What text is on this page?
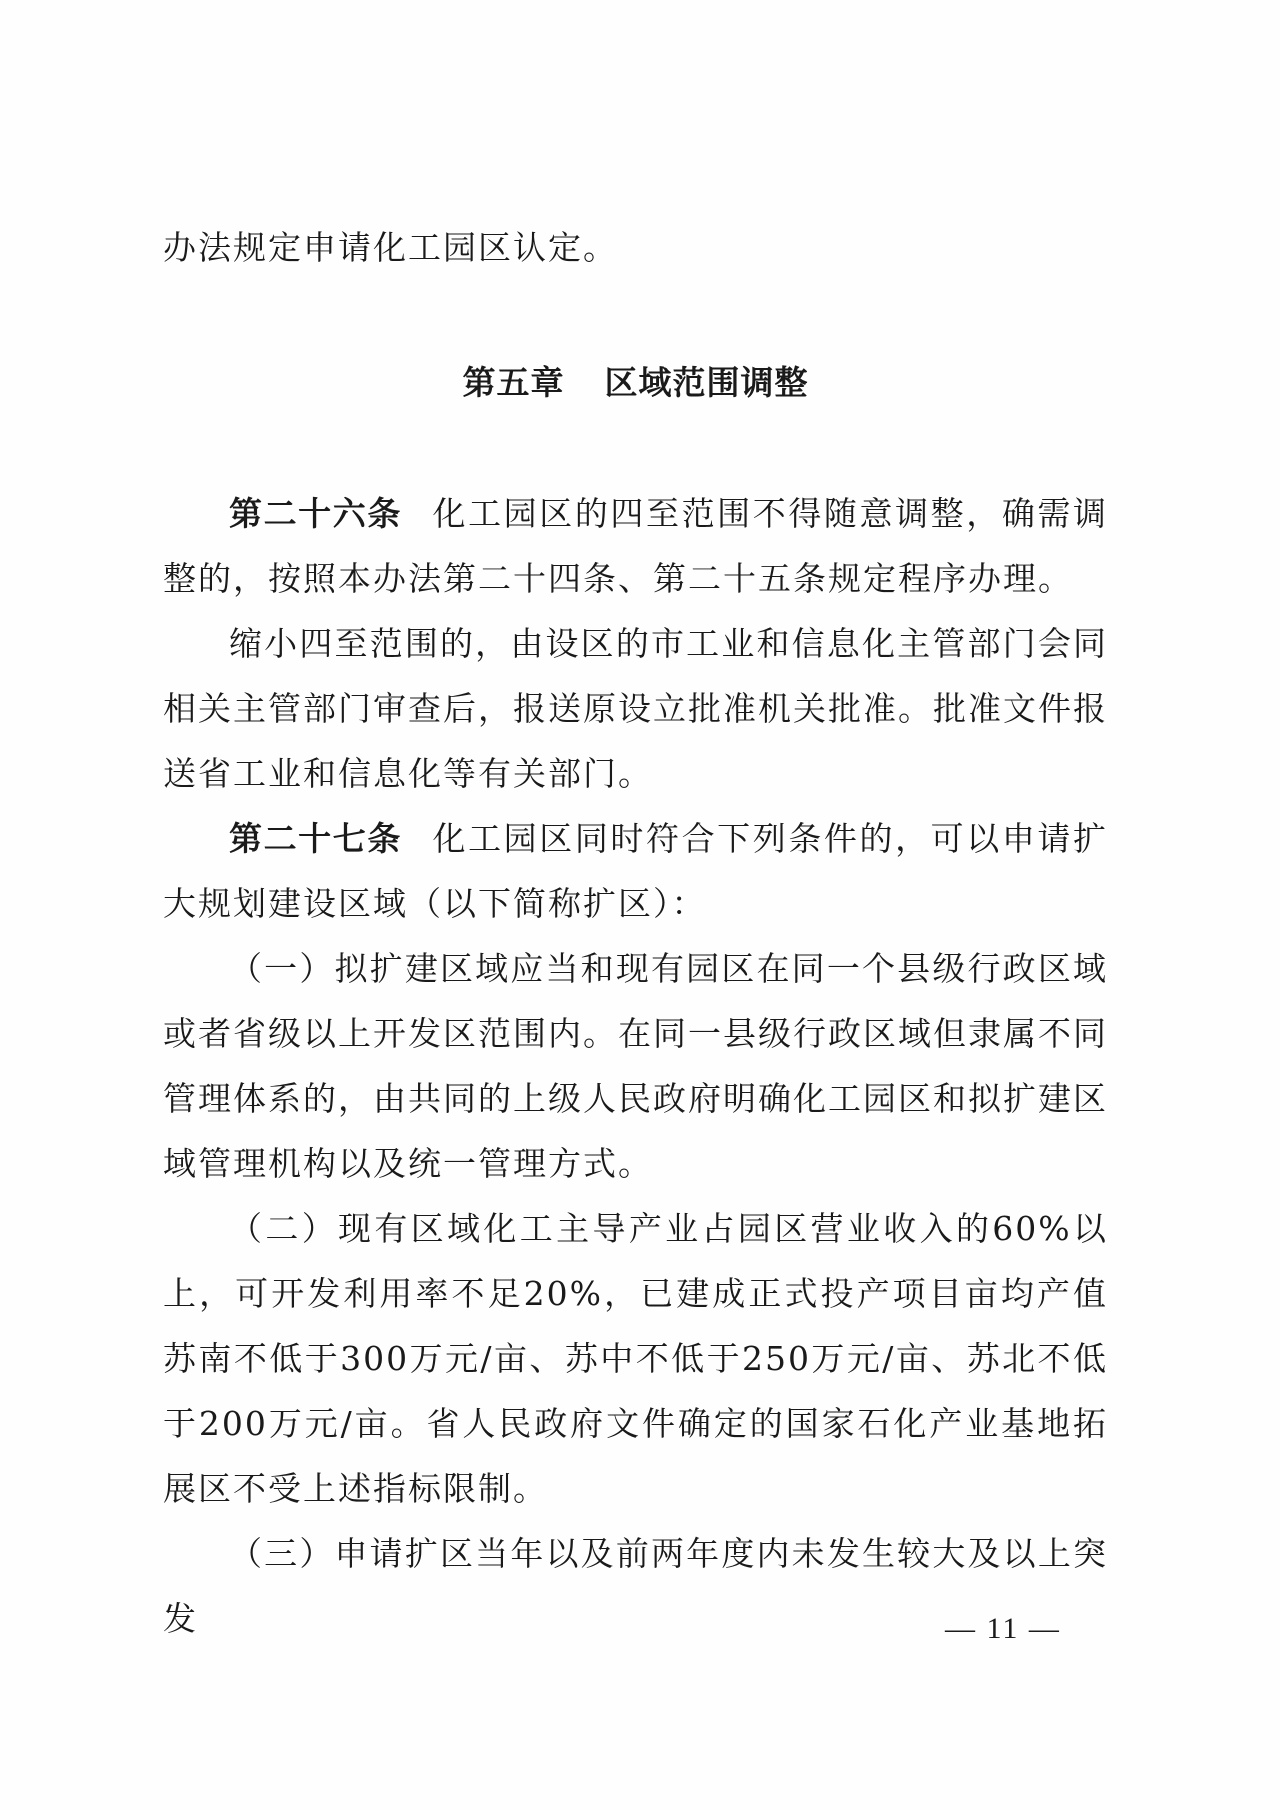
办法规定申请化工园区认定。

第五章 区域范围调整

第二十六条 化工园区的四至范围不得随意调整，确需调整的，按照本办法第二十四条、第二十五条规定程序办理。

缩小四至范围的，由设区的市工业和信息化主管部门会同相关主管部门审查后，报送原设立批准机关批准。批准文件报送省工业和信息化等有关部门。

第二十七条 化工园区同时符合下列条件的，可以申请扩大规划建设区域（以下简称扩区）：

（一）拟扩建区域应当和现有园区在同一个县级行政区域或者省级以上开发区范围内。在同一县级行政区域但隶属不同管理体系的，由共同的上级人民政府明确化工园区和拟扩建区域管理机构以及统一管理方式。

（二）现有区域化工主导产业占园区营业收入的60%以上，可开发利用率不足20%，已建成正式投产项目亩均产值苏南不低于300万元/亩、苏中不低于250万元/亩、苏北不低于200万元/亩。省人民政府文件确定的国家石化产业基地拓展区不受上述指标限制。

（三）申请扩区当年以及前两年度内未发生较大及以上突发	— 11 —
